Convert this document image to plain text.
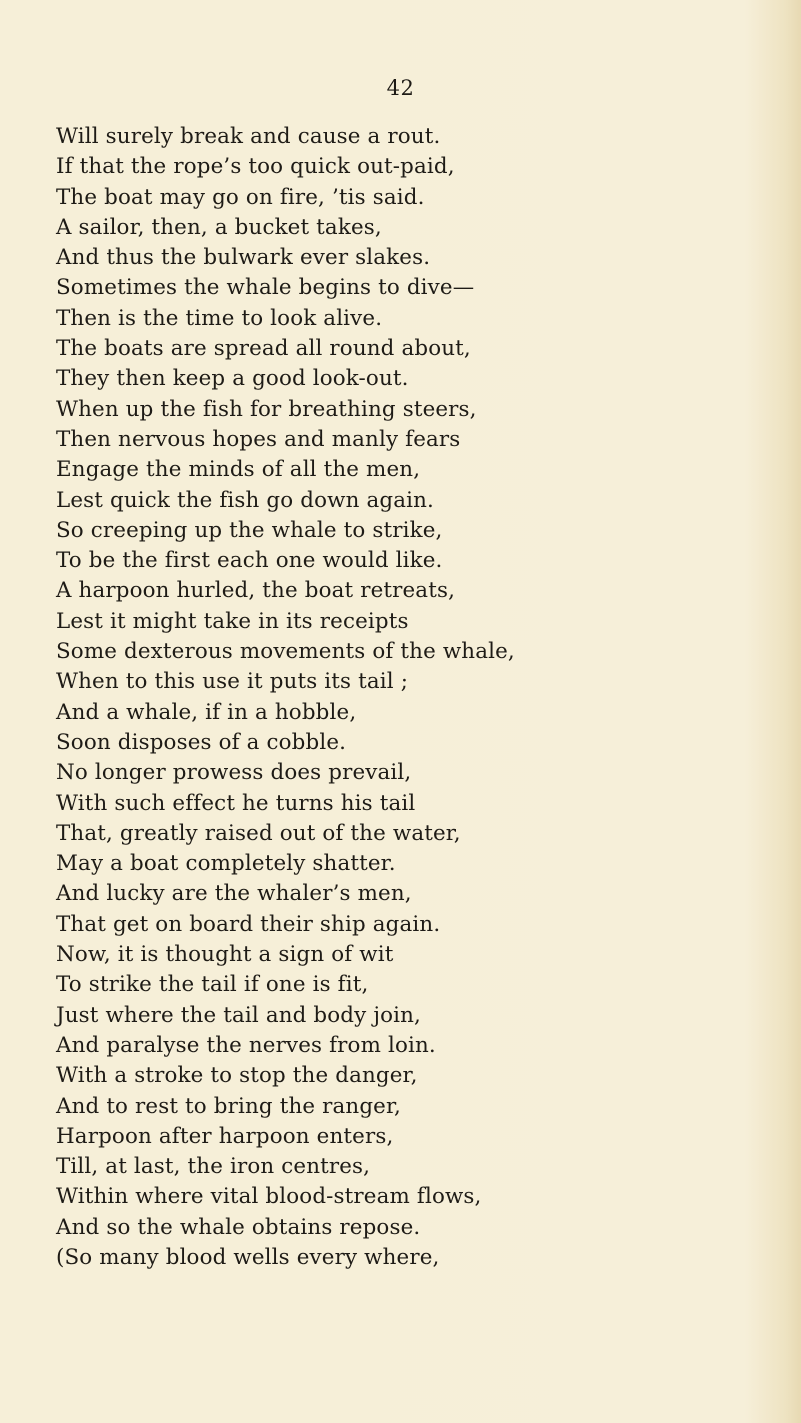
42
Will surely break and cause a rout.
If that the rope’s too quick out-paid,
The boat may go on fire, ’tis said.
A sailor, then, a bucket takes,
And thus the bulwark ever slakes.
Sometimes the whale begins to dive—
Then is the time to look alive.
The boats are spread all round about,
They then keep a good look-out.
When up the fish for breathing steers,
Then nervous hopes and manly fears
Engage the minds of all the men,
Lest quick the fish go down again.
So creeping up the whale to strike,
To be the first each one would like.
A harpoon hurled, the boat retreats,
Lest it might take in its receipts
Some dexterous movements of the whale,
When to this use it puts its tail ;
And a whale, if in a hobble,
Soon disposes of a cobble.
No longer prowess does prevail,
With such effect he turns his tail
That, greatly raised out of the water,
May a boat completely shatter.
And lucky are the whaler’s men,
That get on board their ship again.
Now, it is thought a sign of wit
To strike the tail if one is fit,
Just where the tail and body join,
And paralyse the nerves from loin.
With a stroke to stop the danger,
And to rest to bring the ranger,
Harpoon after harpoon enters,
Till, at last, the iron centres,
Within where vital blood-stream flows,
And so the whale obtains repose.
(So many blood wells every where,
